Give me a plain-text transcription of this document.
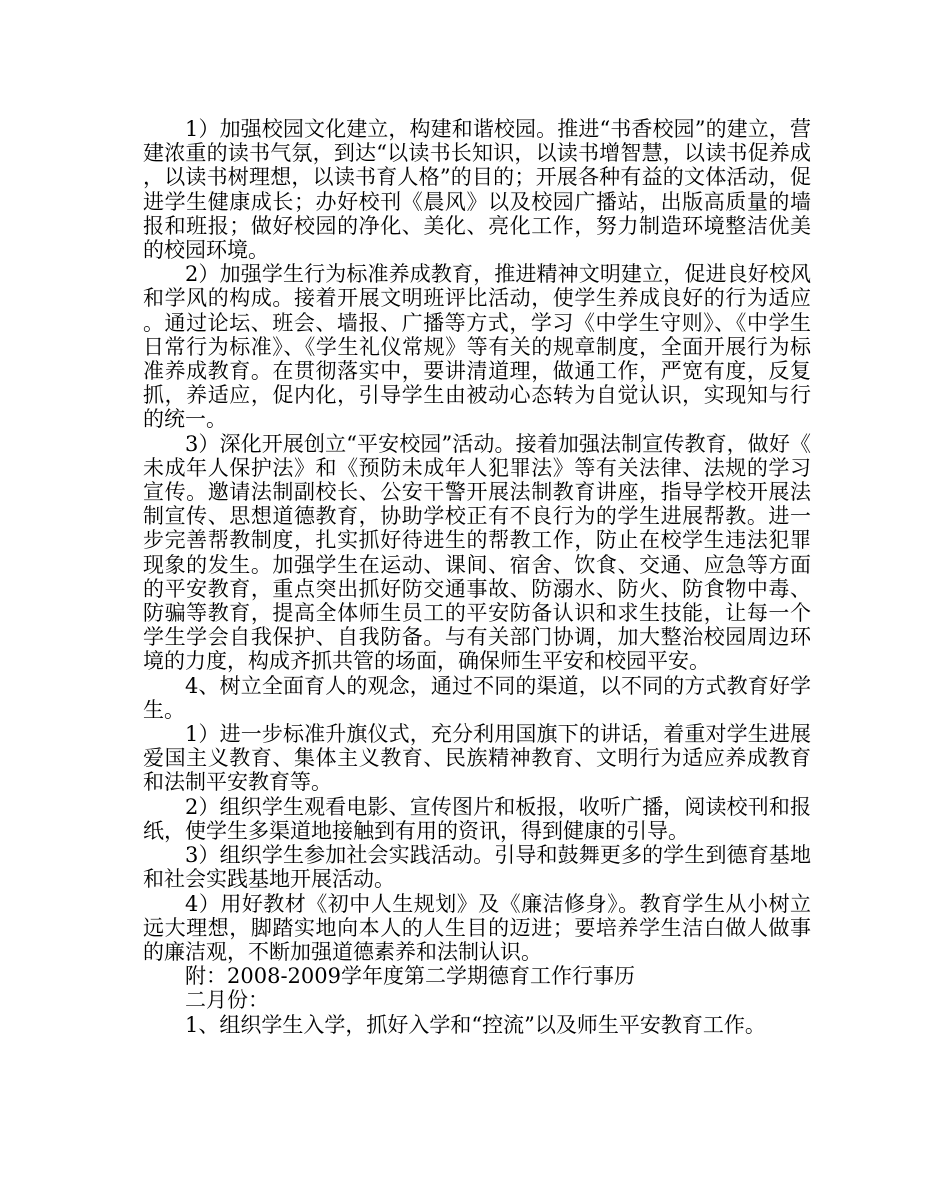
1）加强校园文化建立，构建和谐校园。推进“书香校园”的建立，营建浓重的读书气氛，到达“以读书长知识，以读书增智慧，以读书促养成，以读书树理想，以读书育人格”的目的；开展各种有益的文体活动，促进学生健康成长；办好校刊《晨风》以及校园广播站，出版高质量的墙报和班报；做好校园的净化、美化、亮化工作，努力制造环境整洁优美的校园环境。

2）加强学生行为标准养成教育，推进精神文明建立，促进良好校风和学风的构成。接着开展文明班评比活动，使学生养成良好的行为适应。通过论坛、班会、墙报、广播等方式，学习《中学生守则》、《中学生日常行为标准》、《学生礼仪常规》等有关的规章制度，全面开展行为标准养成教育。在贯彻落实中，要讲清道理，做通工作，严宽有度，反复抓，养适应，促内化，引导学生由被动心态转为自觉认识，实现知与行的统一。

3）深化开展创立“平安校园”活动。接着加强法制宣传教育，做好《未成年人保护法》和《预防未成年人犯罪法》等有关法律、法规的学习宣传。邀请法制副校长、公安干警开展法制教育讲座，指导学校开展法制宣传、思想道德教育，协助学校正有不良行为的学生进展帮教。进一步完善帮教制度，扎实抓好待进生的帮教工作，防止在校学生违法犯罪现象的发生。加强学生在运动、课间、宿舍、饮食、交通、应急等方面的平安教育，重点突出抓好防交通事故、防溺水、防火、防食物中毒、防骗等教育，提高全体师生员工的平安防备认识和求生技能，让每一个学生学会自我保护、自我防备。与有关部门协调，加大整治校园周边环境的力度，构成齐抓共管的场面，确保师生平安和校园平安。

4、树立全面育人的观念，通过不同的渠道，以不同的方式教育好学生。

1）进一步标准升旗仪式，充分利用国旗下的讲话，着重对学生进展爱国主义教育、集体主义教育、民族精神教育、文明行为适应养成教育和法制平安教育等。

2）组织学生观看电影、宣传图片和板报，收听广播，阅读校刊和报纸，使学生多渠道地接触到有用的资讯，得到健康的引导。

3）组织学生参加社会实践活动。引导和鼓舞更多的学生到德育基地和社会实践基地开展活动。

4）用好教材《初中人生规划》及《廉洁修身》。教育学生从小树立远大理想，脚踏实地向本人的人生目的迈进；要培养学生洁白做人做事的廉洁观，不断加强道德素养和法制认识。

附：2008-2009学年度第二学期德育工作行事历

二月份：

1、组织学生入学，抓好入学和“控流”以及师生平安教育工作。
